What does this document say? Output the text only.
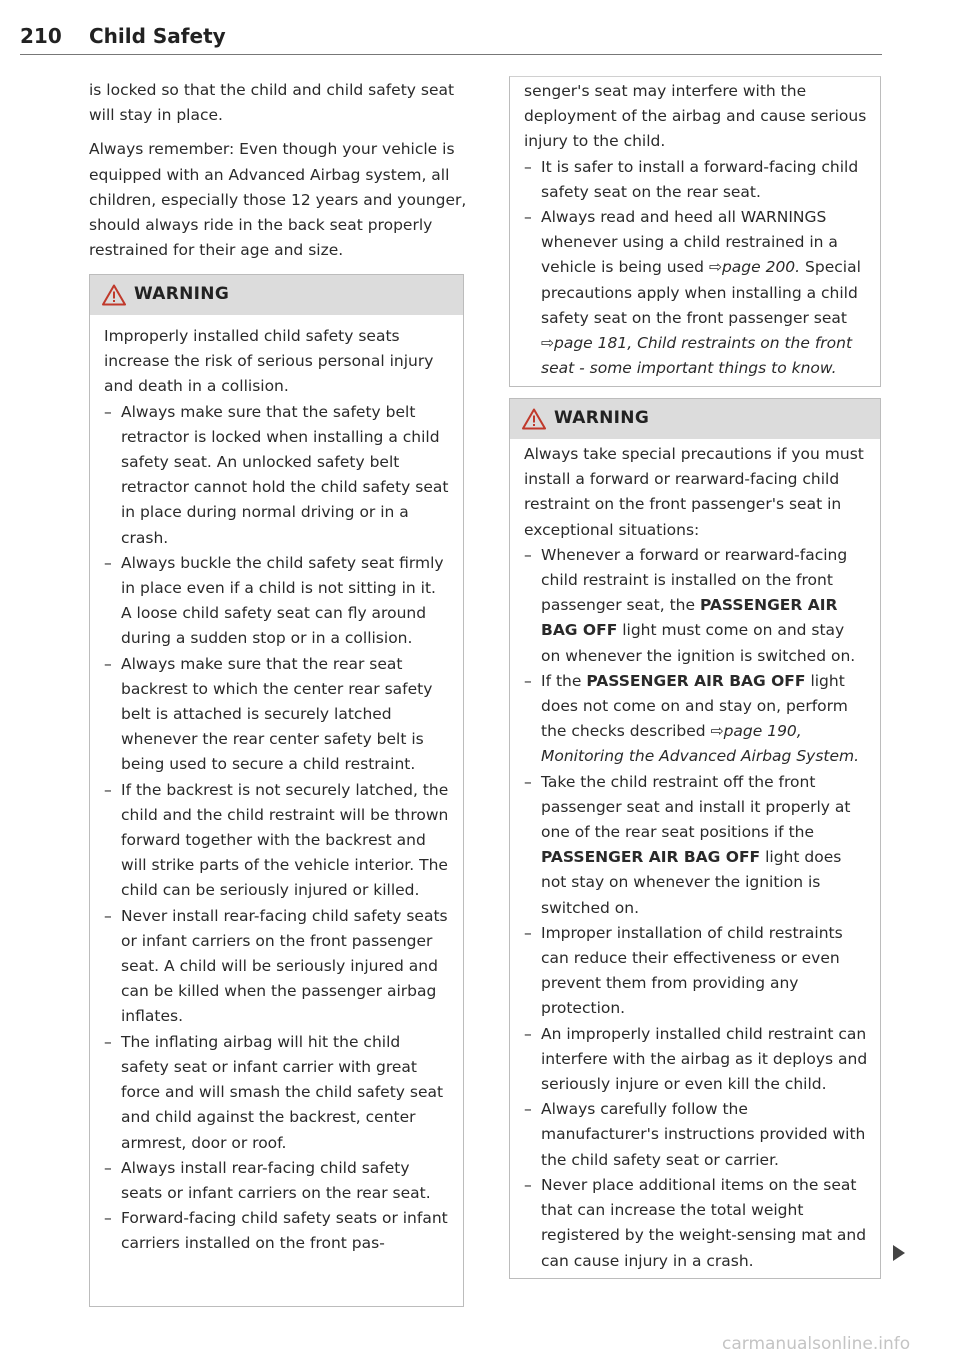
210 Child Safety

is locked so that the child and child safety seat will stay in place.

Always remember: Even though your vehicle is equipped with an Advanced Airbag system, all children, especially those 12 years and younger, should always ride in the back seat properly restrained for their age and size.

WARNING

Improperly installed child safety seats increase the risk of serious personal injury and death in a collision.

– Always make sure that the safety belt retractor is locked when installing a child safety seat. An unlocked safety belt retractor cannot hold the child safety seat in place during normal driving or in a crash.
– Always buckle the child safety seat firmly in place even if a child is not sitting in it. A loose child safety seat can fly around during a sudden stop or in a collision.
– Always make sure that the rear seat backrest to which the center rear safety belt is attached is securely latched whenever the rear center safety belt is being used to secure a child restraint.
– If the backrest is not securely latched, the child and the child restraint will be thrown forward together with the backrest and will strike parts of the vehicle interior. The child can be seriously injured or killed.
– Never install rear-facing child safety seats or infant carriers on the front passenger seat. A child will be seriously injured and can be killed when the passenger airbag inflates.
– The inflating airbag will hit the child safety seat or infant carrier with great force and will smash the child safety seat and child against the backrest, center armrest, door or roof.
– Always install rear-facing child safety seats or infant carriers on the rear seat.
– Forward-facing child safety seats or infant carriers installed on the front pas-

senger's seat may interfere with the deployment of the airbag and cause serious injury to the child.

– It is safer to install a forward-facing child safety seat on the rear seat.
– Always read and heed all WARNINGS whenever using a child restrained in a vehicle is being used ⇨page 200. Special precautions apply when installing a child safety seat on the front passenger seat ⇨page 181, Child restraints on the front seat - some important things to know.
WARNING

Always take special precautions if you must install a forward or rearward-facing child restraint on the front passenger's seat in exceptional situations:

– Whenever a forward or rearward-facing child restraint is installed on the front passenger seat, the PASSENGER AIR BAG OFF light must come on and stay on whenever the ignition is switched on.
– If the PASSENGER AIR BAG OFF light does not come on and stay on, perform the checks described ⇨page 190, Monitoring the Advanced Airbag System.
– Take the child restraint off the front passenger seat and install it properly at one of the rear seat positions if the PASSENGER AIR BAG OFF light does not stay on whenever the ignition is switched on.
– Improper installation of child restraints can reduce their effectiveness or even prevent them from providing any protection.
– An improperly installed child restraint can interfere with the airbag as it deploys and seriously injure or even kill the child.
– Always carefully follow the manufacturer's instructions provided with the child safety seat or carrier.
– Never place additional items on the seat that can increase the total weight registered by the weight-sensing mat and can cause injury in a crash.
carmanualsonline.info
